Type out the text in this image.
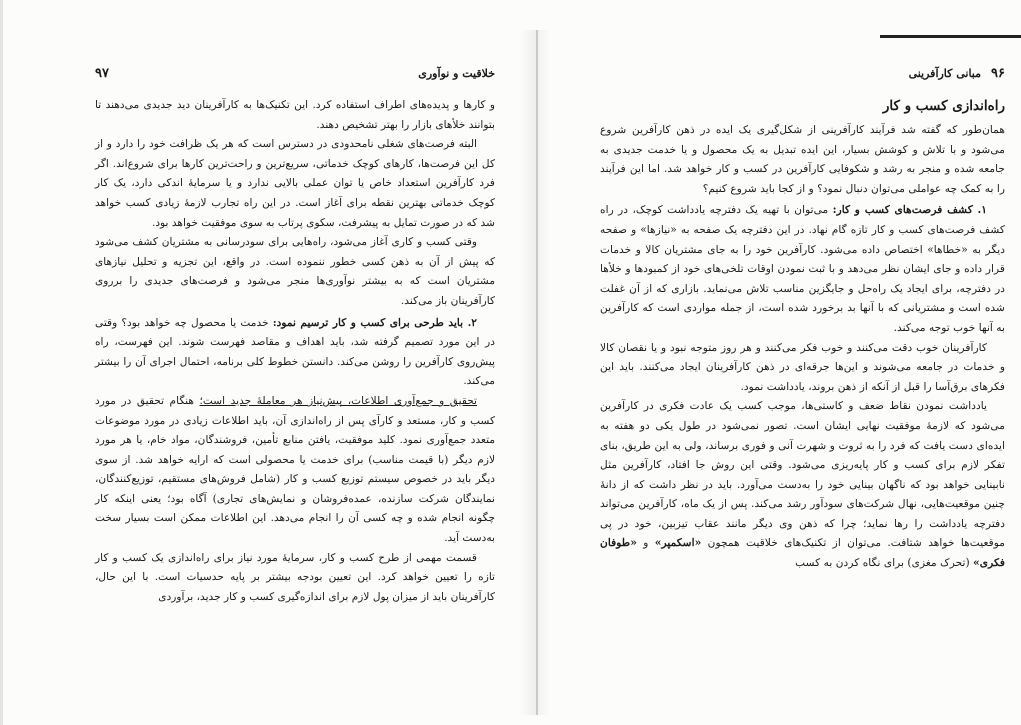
۹۶
مبانی کارآفرینی
راه‌اندازی کسب و کار

همان‌طور که گفته شد فرآیند کارآفرینی از شکل‌گیری یک ایده در ذهن کارآفرین شروع می‌شود و با تلاش و کوشش بسیار، این ایده تبدیل به یک محصول و یا خدمت جدیدی به جامعه شده و منجر به رشد و شکوفایی کارآفرین در کسب و کار خواهد شد. اما این فرآیند را به کمک چه عواملی می‌توان دنبال نمود؟ و از کجا باید شروع کنیم؟

۱. کشف فرصت‌های کسب و کار: می‌توان با تهیه یک دفترچه یادداشت کوچک، در راه کشف فرصت‌های کسب و کار تازه گام نهاد. در این دفترچه یک صفحه به «نیازها» و صفحه دیگر به «خطاها» اختصاص داده می‌شود. کارآفرین خود را به جای مشتریان کالا و خدمات قرار داده و جای ایشان نظر می‌دهد و با ثبت نمودن اوقات تلخی‌های خود از کمبودها و خلأها در دفترچه، برای ایجاد یک راه‌حل و جایگزین مناسب تلاش می‌نماید. بازاری که از آن غفلت شده است و مشتریانی که با آنها بد برخورد شده است، از جمله مواردی است که کارآفرین به آنها خوب توجه می‌کند.

کارآفرینان خوب دقت می‌کنند و خوب فکر می‌کنند و هر روز متوجه نبود و یا نقصان کالا و خدمات در جامعه می‌شوند و این‌ها جرقه‌ای در ذهن کارآفرینان ایجاد می‌کنند. باید این فکرهای برق‌آسا را قبل از آنکه از ذهن بروند، یادداشت نمود.

یادداشت نمودن نقاط ضعف و کاستی‌ها، موجب کسب یک عادت فکری در کارآفرین می‌شود که لازمهٔ موفقیت نهایی ایشان است. تصور نمی‌شود در طول یکی دو هفته به ایده‌ای دست یافت که فرد را به ثروت و شهرت آنی و فوری برساند، ولی به این طریق، بنای تفکر لازم برای کسب و کار پایه‌ریزی می‌شود. وقتی این روش جا افتاد، کارآفرین مثل نابینایی خواهد بود که ناگهان بینایی خود را به‌دست می‌آورد. باید در نظر داشت که از دانهٔ چنین موقعیت‌هایی، نهال شرکت‌های سودآور رشد می‌کند. پس از یک ماه، کارآفرین می‌تواند دفترچه یادداشت را رها نماید؛ چرا که ذهن وی دیگر مانند عقاب تیزبین، خود در پی موقعیت‌ها خواهد شتافت. می‌توان از تکنیک‌های خلاقیت همچون «اسکمپر» و «طوفان فکری» (تحرک مغزی) برای نگاه کردن به کسب

خلاقیت و نوآوری
۹۷

و کارها و پدیده‌های اطراف استفاده کرد. این تکنیک‌ها به کارآفرینان دید جدیدی می‌دهند تا بتوانند خلأهای بازار را بهتر تشخیص دهند.

البته فرصت‌های شغلی نامحدودی در دسترس است که هر یک ظرافت خود را دارد و از کل این فرصت‌ها، کارهای کوچک خدماتی، سریع‌ترین و راحت‌ترین کارها برای شروع‌اند. اگر فرد کارآفرین استعداد خاص یا توان عملی بالایی ندارد و یا سرمایهٔ اندکی دارد، یک کار کوچک خدماتی بهترین نقطه برای آغاز است. در این راه تجارب لازمهٔ زیادی کسب خواهد شد که در صورت تمایل به پیشرفت، سکوی پرتاب به سوی موفقیت خواهد بود.

وقتی کسب و کاری آغاز می‌شود، راه‌هایی برای سودرسانی به مشتریان کشف می‌شود که پیش از آن به ذهن کسی خطور ننموده است. در واقع، این تجزیه و تحلیل نیازهای مشتریان است که به بیشتر نوآوری‌ها منجر می‌شود و فرصت‌های جدیدی را برروی کارآفرینان باز می‌کند.

۲. باید طرحی برای کسب و کار ترسیم نمود: خدمت یا محصول چه خواهد بود؟ وقتی در این مورد تصمیم گرفته شد، باید اهداف و مقاصد فهرست شوند. این فهرست، راه پیش‌روی کارآفرین را روشن می‌کند. دانستن خطوط کلی برنامه، احتمال اجرای آن را بیشتر می‌کند.

تحقیق و جمع‌آوری اطلاعات، پیش‌نیاز هر معاملهٔ جدید است؛ هنگام تحقیق در مورد کسب و کار، مستعد و کارآی پس از راه‌اندازی آن، باید اطلاعات زیادی در مورد موضوعات متعدد جمع‌آوری نمود. کلید موفقیت، یافتن منابع تأمین، فروشندگان، مواد خام، یا هر مورد لازم دیگر (با قیمت مناسب) برای خدمت یا محصولی است که ارایه خواهد شد. از سوی دیگر باید در خصوص سیستم توزیع کسب و کار (شامل فروش‌های مستقیم، توزیع‌کنندگان، نمایندگان شرکت سازنده، عمده‌فروشان و نمایش‌های تجاری) آگاه بود؛ یعنی اینکه کار چگونه انجام شده و چه کسی آن را انجام می‌دهد. این اطلاعات ممکن است بسیار سخت به‌دست آید.

قسمت مهمی از طرح کسب و کار، سرمایهٔ مورد نیاز برای راه‌اندازی یک کسب و کار تازه را تعیین خواهد کرد. این تعیین بودجه بیشتر بر پایه حدسیات است. با این حال، کارآفرینان باید از میزان پول لازم برای اندازه‌گیری کسب و کار جدید، برآوردی
